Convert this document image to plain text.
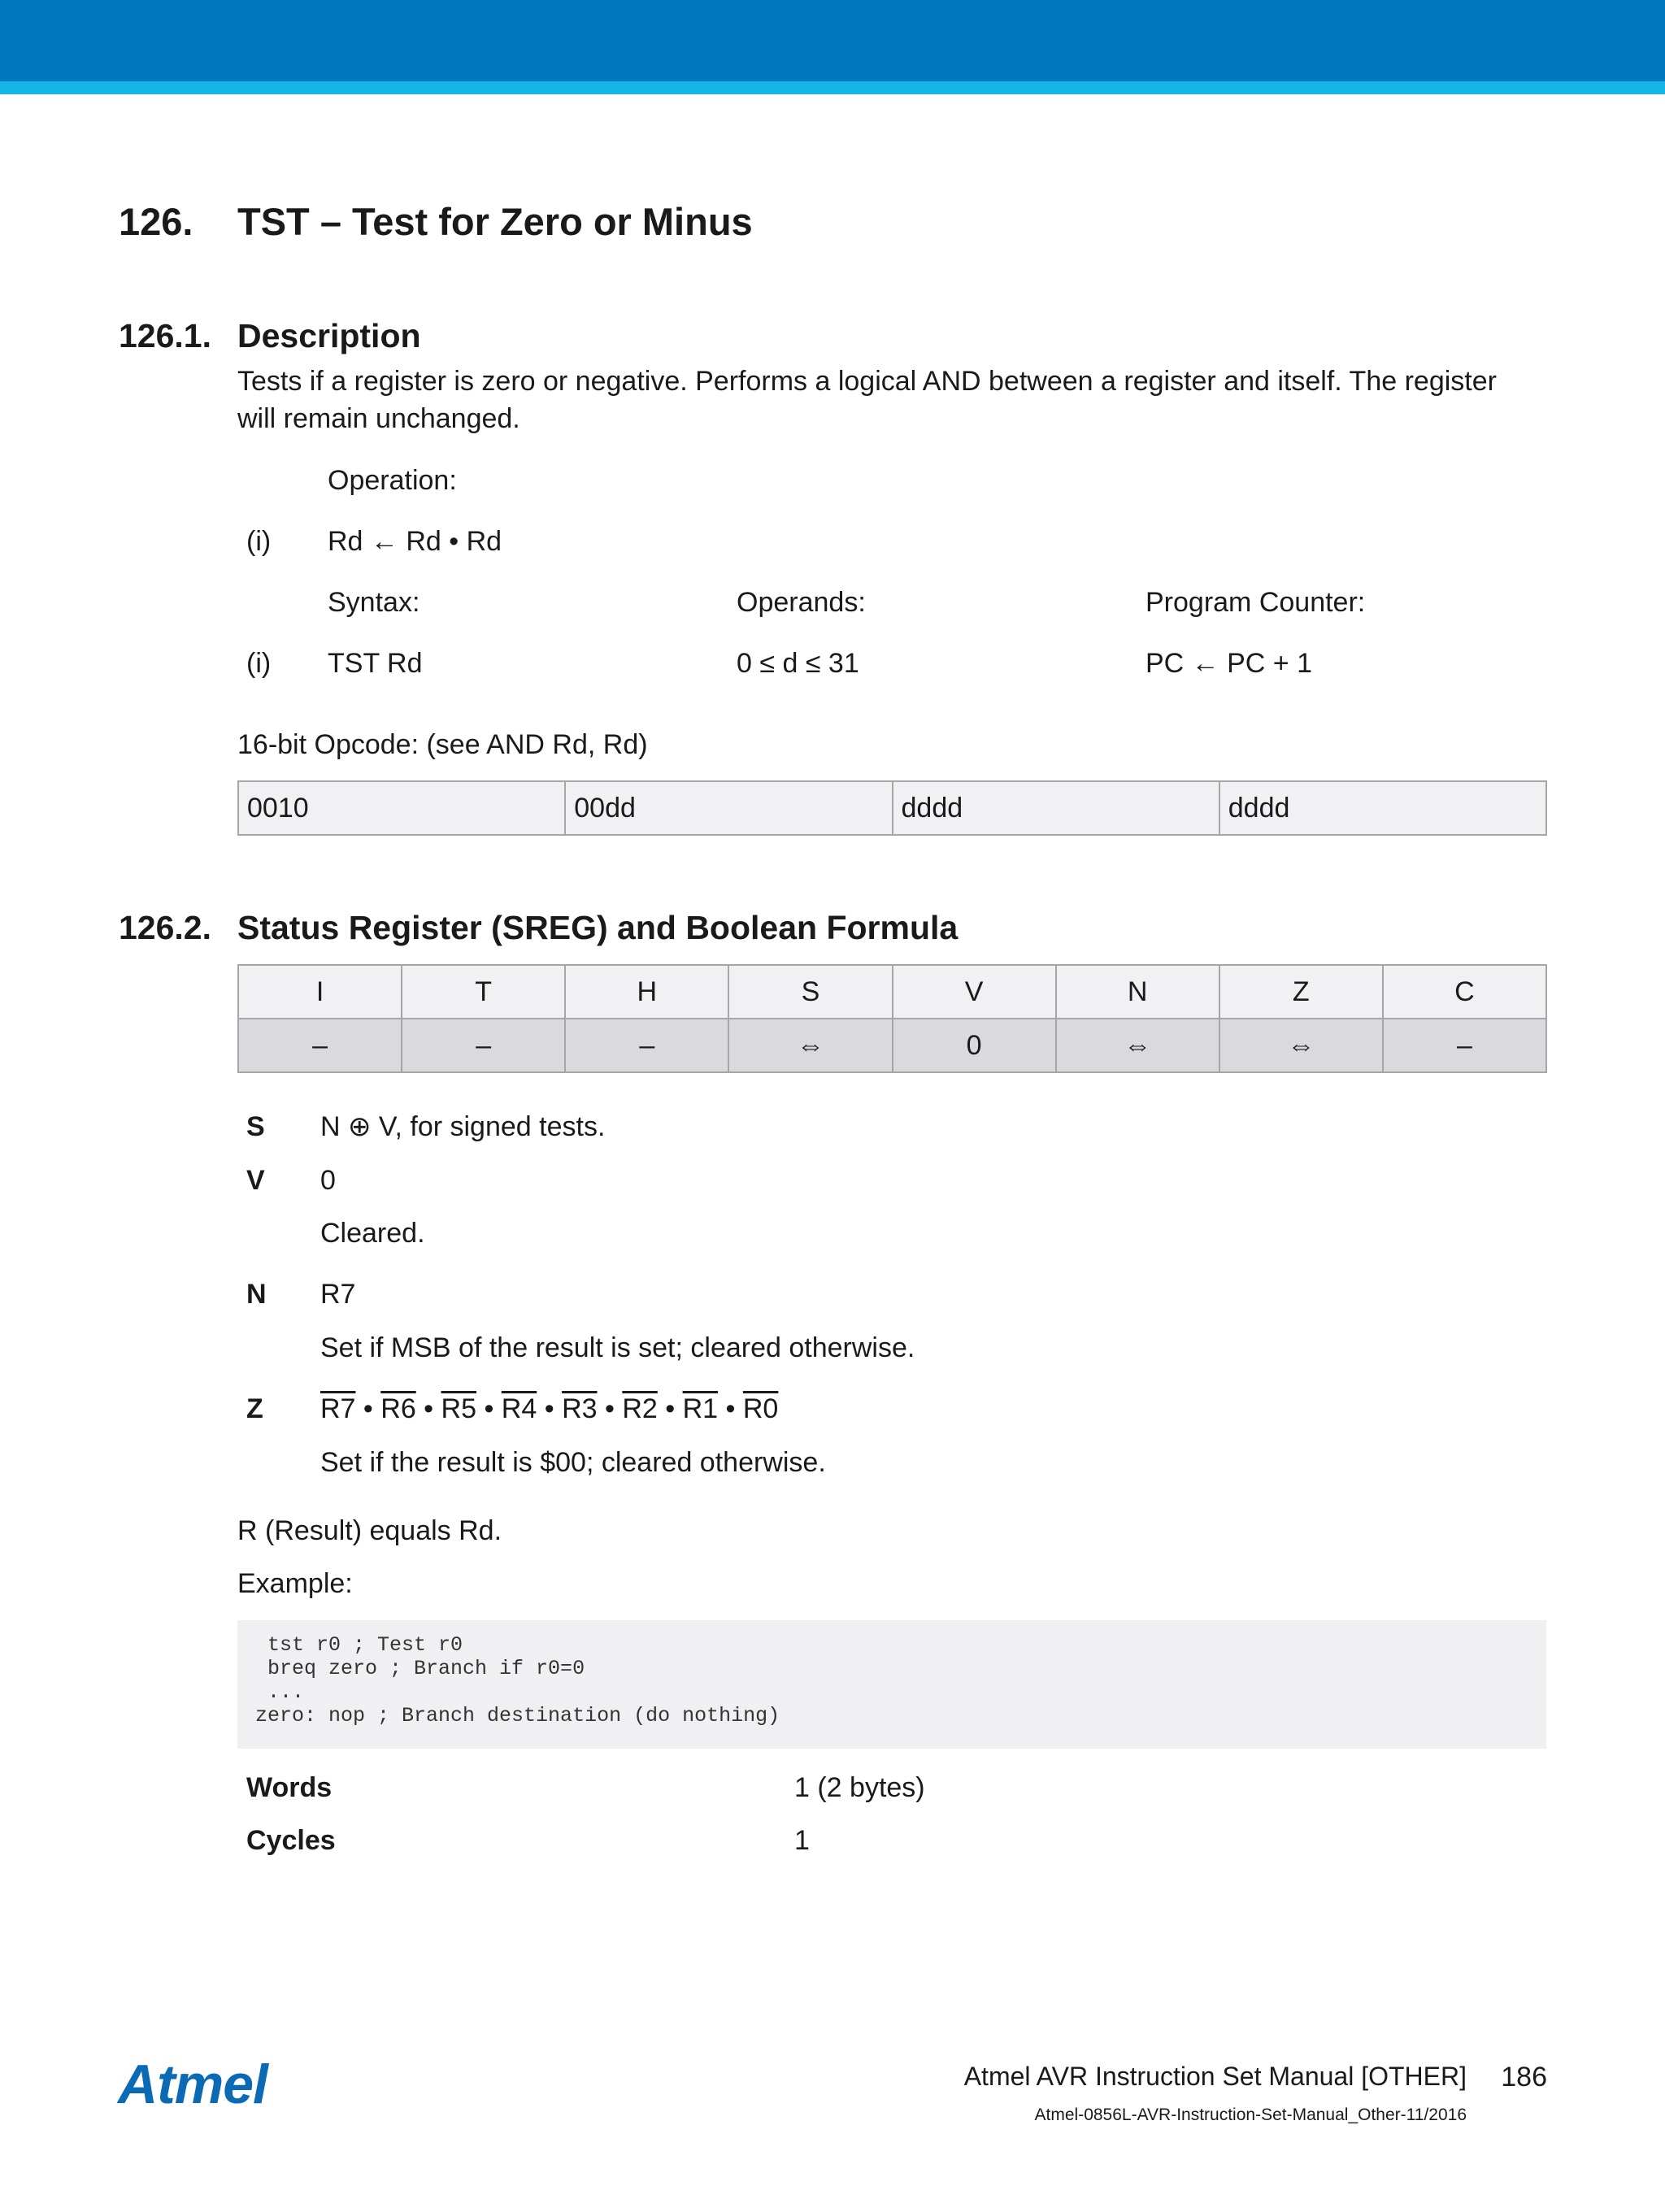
126. TST – Test for Zero or Minus
126.1. Description
Tests if a register is zero or negative. Performs a logical AND between a register and itself. The register
will remain unchanged.
Operation:
(i) Rd ← Rd • Rd
Syntax:	Operands:	Program Counter:
(i) TST Rd	0 ≤ d ≤ 31	PC ← PC + 1
16-bit Opcode: (see AND Rd, Rd)
0010	00dd	dddd	dddd
126.2. Status Register (SREG) and Boolean Formula
I	T	H	S	V	N	Z	C
–	–	–	⇔	0	⇔	⇔	–
S N ⊕ V, for signed tests.
V 0
Cleared.
N R7
Set if MSB of the result is set; cleared otherwise.
Z R7 • R6 • R5 • R4 • R3 • R2 • R1 • R0
Set if the result is $00; cleared otherwise.
R (Result) equals Rd.
Example:
tst r0 ; Test r0
breq zero ; Branch if r0=0
...
zero: nop ; Branch destination (do nothing)
Words	1 (2 bytes)
Cycles	1
Atmel	Atmel AVR Instruction Set Manual [OTHER] 186
Atmel-0856L-AVR-Instruction-Set-Manual_Other-11/2016
